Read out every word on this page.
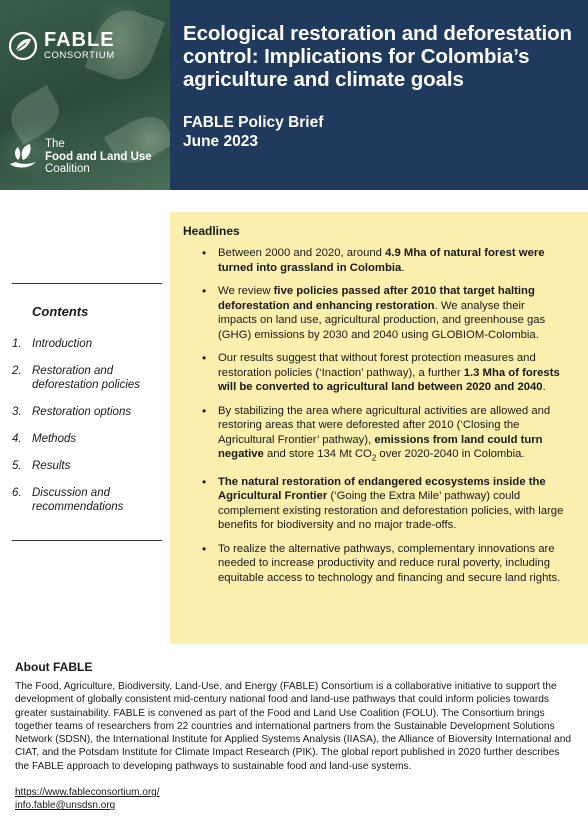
FABLE
CONSORTIUM
The
Food and Land Use
Coalition
Ecological restoration and deforestation control: Implications for Colombia’s agriculture and climate goals
FABLE Policy Brief
June 2023
Contents
1. Introduction
2. Restoration and deforestation policies
3. Restoration options
4. Methods
5. Results
6. Discussion and recommendations
Headlines
• Between 2000 and 2020, around 4.9 Mha of natural forest were turned into grassland in Colombia.
• We review five policies passed after 2010 that target halting deforestation and enhancing restoration. We analyse their impacts on land use, agricultural production, and greenhouse gas (GHG) emissions by 2030 and 2040 using GLOBIOM-Colombia.
• Our results suggest that without forest protection measures and restoration policies (‘Inaction’ pathway), a further 1.3 Mha of forests will be converted to agricultural land between 2020 and 2040.
• By stabilizing the area where agricultural activities are allowed and restoring areas that were deforested after 2010 (‘Closing the Agricultural Frontier’ pathway), emissions from land could turn negative and store 134 Mt $CO_2$ over 2020-2040 in Colombia.
• The natural restoration of endangered ecosystems inside the Agricultural Frontier (‘Going the Extra Mile’ pathway) could complement existing restoration and deforestation policies, with large benefits for biodiversity and no major trade-offs.
• To realize the alternative pathways, complementary innovations are needed to increase productivity and reduce rural poverty, including equitable access to technology and financing and secure land rights.
About FABLE

The Food, Agriculture, Biodiversity, Land-Use, and Energy (FABLE) Consortium is a collaborative initiative to support the development of globally consistent mid-century national food and land-use pathways that could inform policies towards greater sustainability. FABLE is convened as part of the Food and Land Use Coalition (FOLU). The Consortium brings together teams of researchers from 22 countries and international partners from the Sustainable Development Solutions Network (SDSN), the International Institute for Applied Systems Analysis (IIASA), the Alliance of Bioversity International and CIAT, and the Potsdam Institute for Climate Impact Research (PIK). The global report published in 2020 further describes the FABLE approach to developing pathways to sustainable food and land-use systems.

https://www.fableconsortium.org/
info.fable@unsdsn.org
